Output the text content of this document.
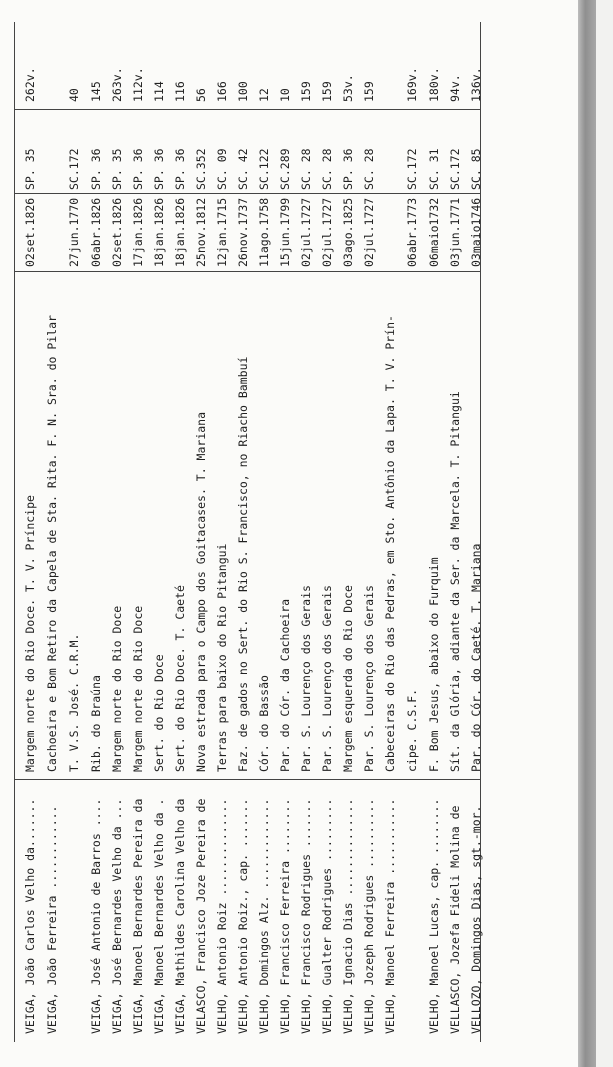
VEIGA, João Carlos Velho da.......
Margem norte do Rio Doce. T. V. Príncipe
02set.1826
SP. 35
262v.
VEIGA, João Ferreira ............
Cachoeira e Bom Retiro da Capela de Sta. Rita. F. N. Sra. do Pilar T. V.S. José. C.R.M.
27jun.1770
SC.172
40
VEIGA, José Antonio de Barros ....
Rib. do Braúna
06abr.1826
SP. 36
145
VEIGA, José Bernardes Velho da ...
Margem norte do Rio Doce
02set.1826
SP. 35
263v.
VEIGA, Manoel Bernardes Pereira da
Margem norte do Rio Doce
17jan.1826
SP. 36
112v.
VEIGA, Manoel Bernardes Velho da .
Sert. do Rio Doce
18jan.1826
SP. 36
114
VEIGA, Mathildes Carolina Velho da
Sert. do Rio Doce. T. Caeté
18jan.1826
SP. 36
116
VELASCO, Francisco Joze Pereira de
Nova estrada para o Campo dos Goitacases. T. Mariana
25nov.1812
SC.352
56
VELHO, Antonio Roiz ..............
Terras para baixo do Rio Pitangui
12jan.1715
SC. 09
166
VELHO, Antonio Roiz., cap. .......
Faz. de gados no Sert. do Rio S. Francisco, no Riacho Bambuí
26nov.1737
SC. 42
100
VELHO, Domingos Alz. .............
Cór. do Bassão
11ago.1758
SC.122
12
VELHO, Francisco Ferreira ........
Par. do Cór. da Cachoeira
15jun.1799
SC.289
10
VELHO, Francisco Rodrigues .......
Par. S. Lourenço dos Gerais
02jul.1727
SC. 28
159
VELHO, Gualter Rodrigues .........
Par. S. Lourenço dos Gerais
02jul.1727
SC. 28
159
VELHO, Ignacio Dias ..............
Margem esquerda do Rio Doce
03ago.1825
SP. 36
53v.
VELHO, Jozeph Rodrigues ..........
Par. S. Lourenço dos Gerais
02jul.1727
SC. 28
159
VELHO, Manoel Ferreira ...........
Cabeceiras do Rio das Pedras, em Sto. Antônio da Lapa. T. V. Prín- cipe. C.S.F.
06abr.1773
SC.172
169v.
VELHO, Manoel Lucas, cap. ........
F. Bom Jesus, abaixo do Furquim
06maio1732
SC. 31
180v.
VELLASCO, Jozefa Fideli Molina de
Sít. da Glória, adiante da Ser. da Marcela. T. Pitangui
03jun.1771
SC.172
94v.
VELLOZO, Domingos Dias, sgt.-mor.
Par. do Cór. do Caeté. T. Mariana
03maio1746
SC. 85
136v.
